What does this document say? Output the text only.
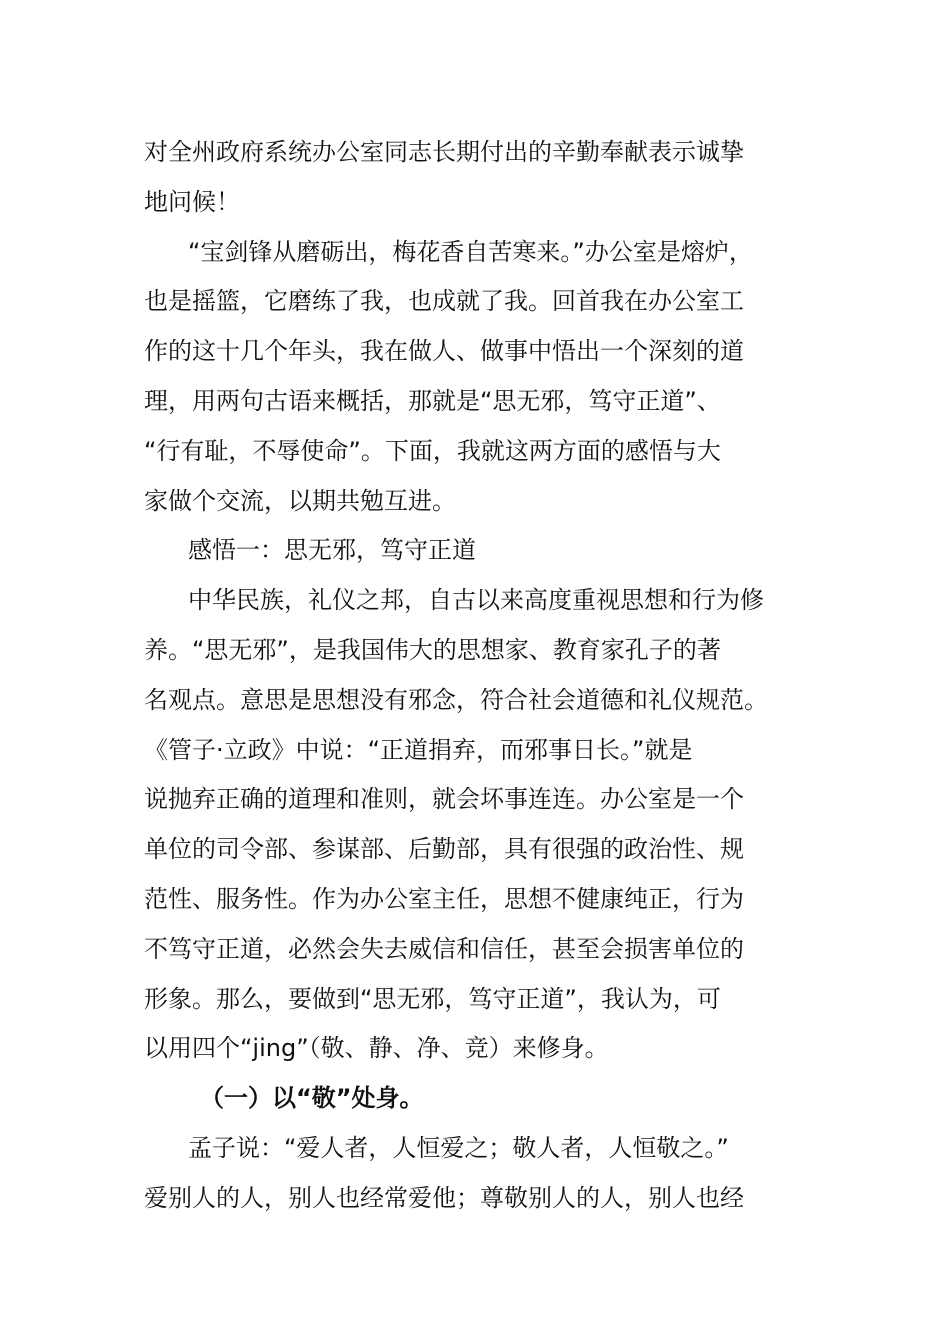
对全州政府系统办公室同志长期付出的辛勤奉献表示诚挚
地问候！
“宝剑锋从磨砺出，梅花香自苦寒来。”办公室是熔炉，
也是摇篮，它磨练了我，也成就了我。回首我在办公室工
作的这十几个年头，我在做人、做事中悟出一个深刻的道
理，用两句古语来概括，那就是“思无邪，笃守正道”、
“行有耻，不辱使命”。下面，我就这两方面的感悟与大
家做个交流，以期共勉互进。
感悟一：思无邪，笃守正道
中华民族，礼仪之邦，自古以来高度重视思想和行为修
养。“思无邪”，是我国伟大的思想家、教育家孔子的著
名观点。意思是思想没有邪念，符合社会道德和礼仪规范。
《管子·立政》中说：“正道捐弃，而邪事日长。”就是
说抛弃正确的道理和准则，就会坏事连连。办公室是一个
单位的司令部、参谋部、后勤部，具有很强的政治性、规
范性、服务性。作为办公室主任，思想不健康纯正，行为
不笃守正道，必然会失去威信和信任，甚至会损害单位的
形象。那么，要做到“思无邪，笃守正道”，我认为，可
以用四个“jing”（敬、静、净、竞）来修身。
（一）以“敬”处身。
孟子说：“爱人者，人恒爱之；敬人者，人恒敬之。”
爱别人的人，别人也经常爱他；尊敬别人的人，别人也经
